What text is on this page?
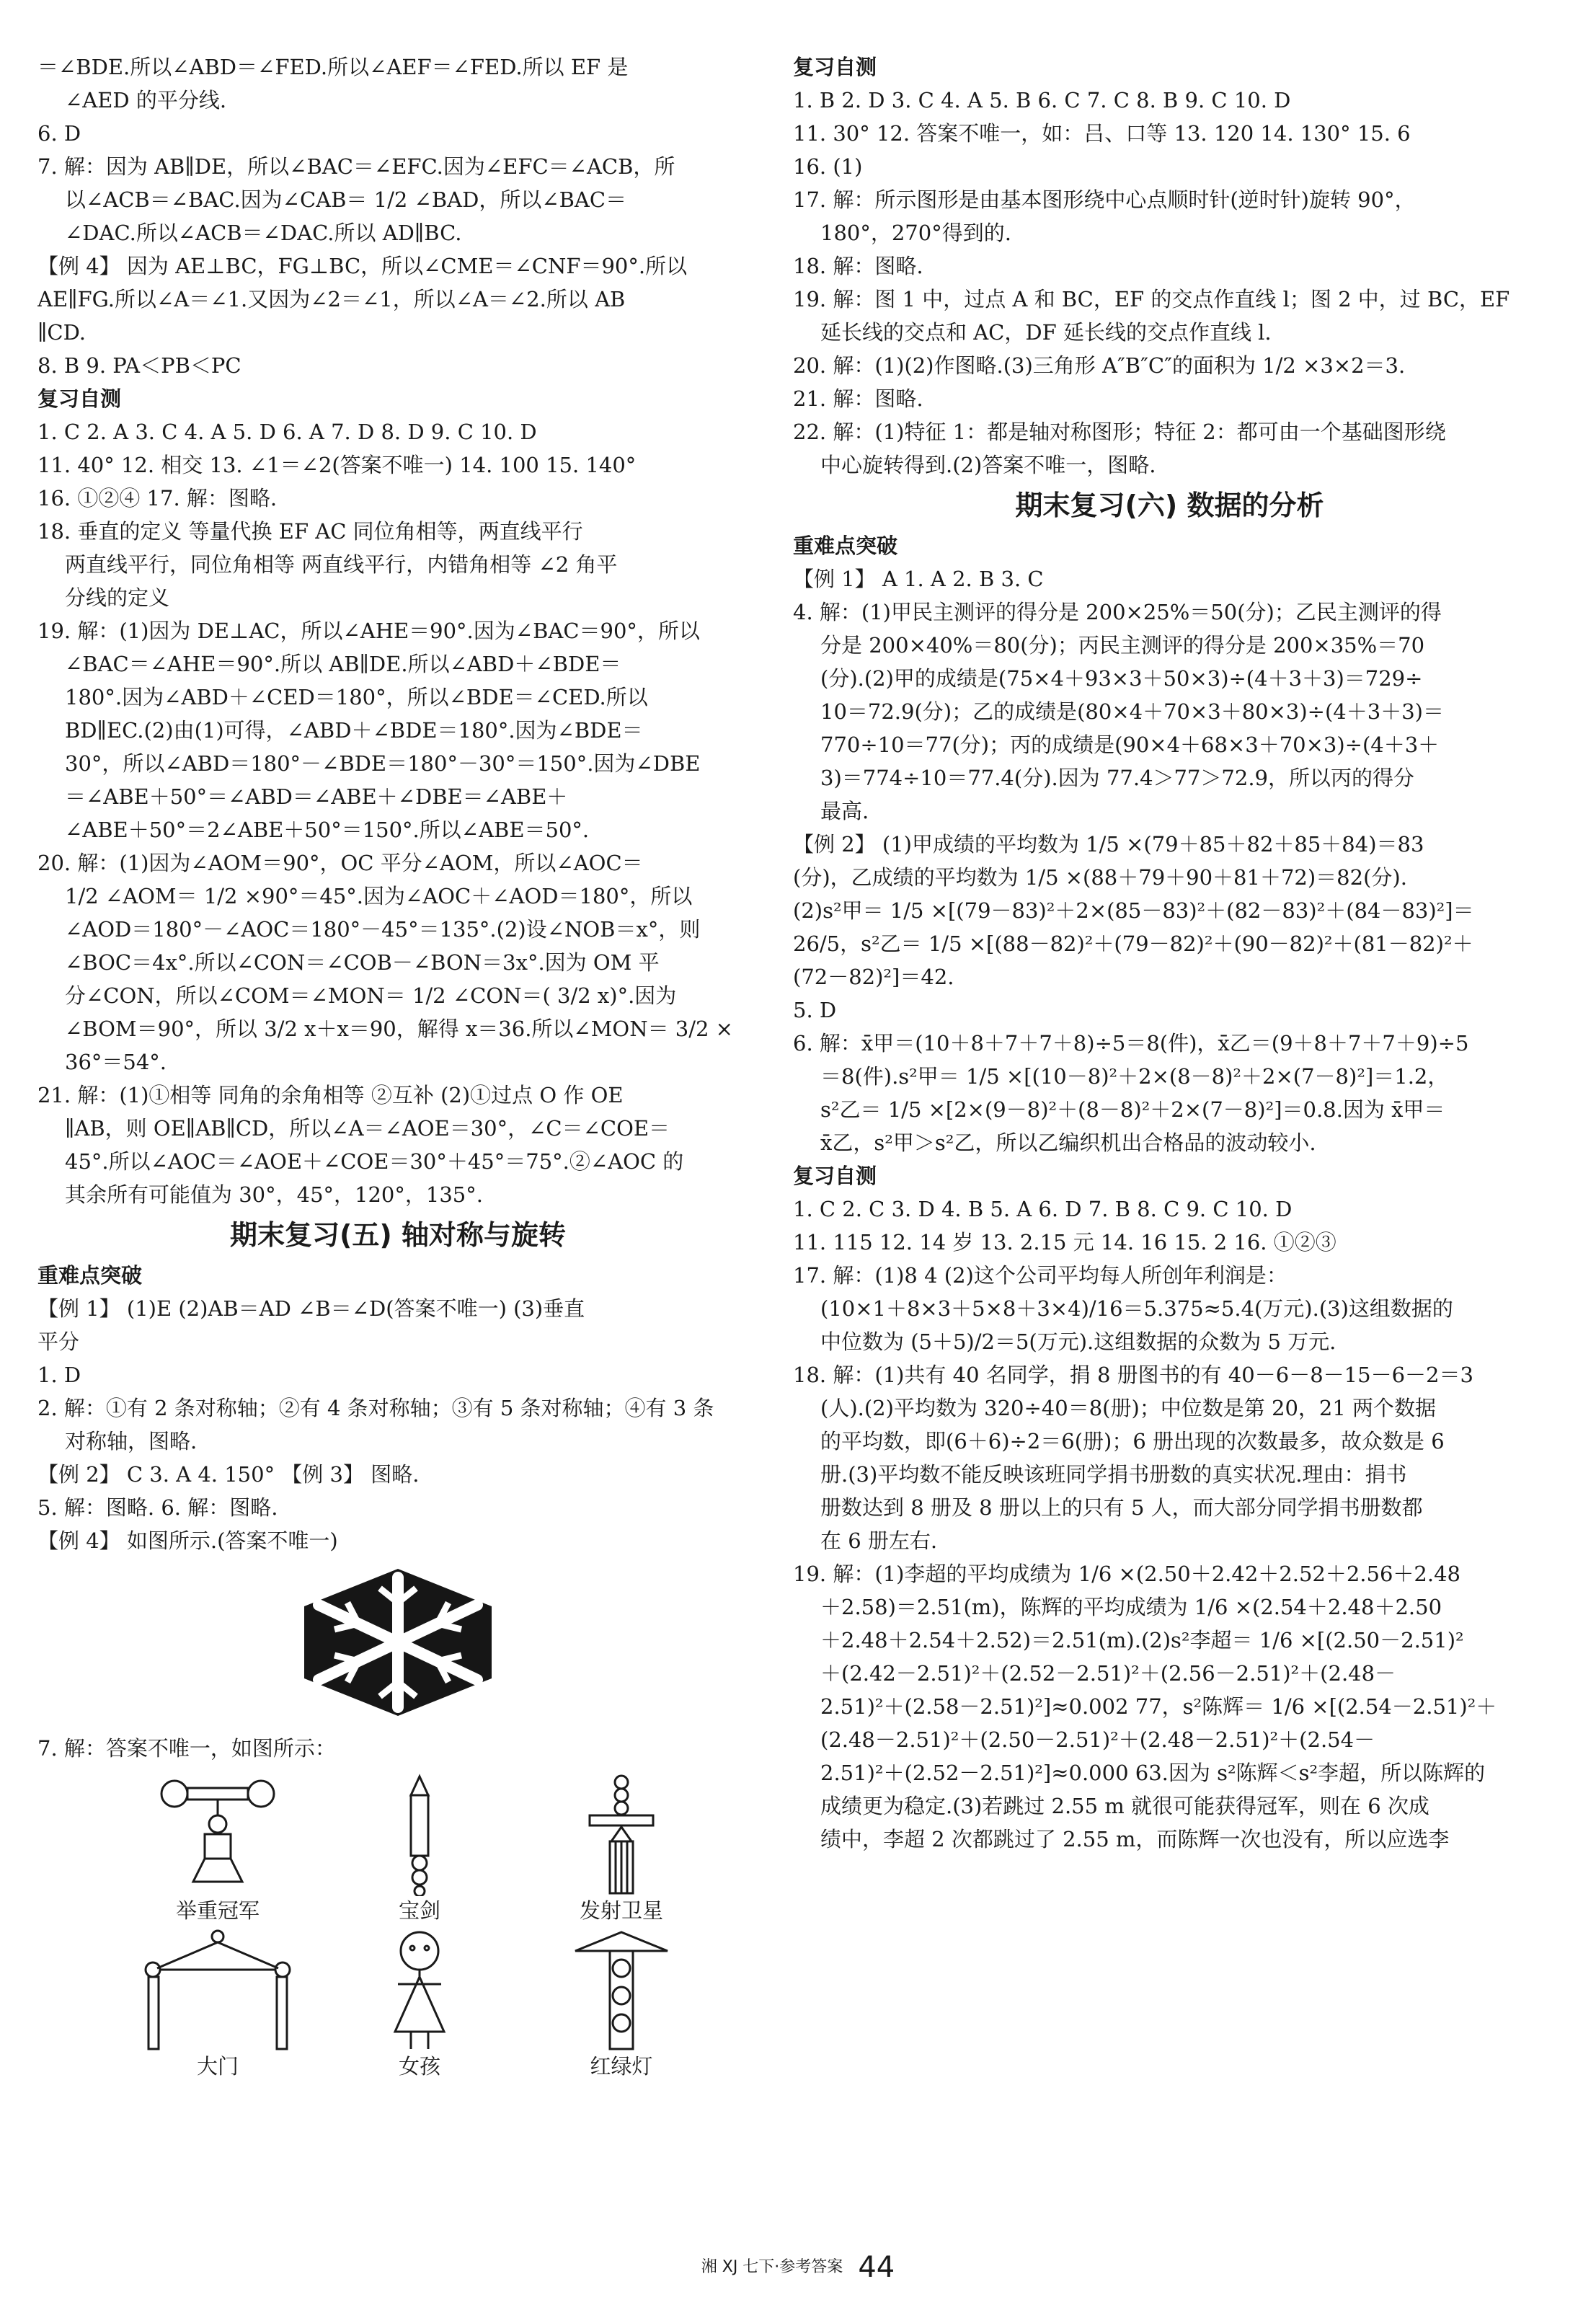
＝∠BDE.所以∠ABD＝∠FED.所以∠AEF＝∠FED.所以 EF 是
∠AED 的平分线.
6. D
7. 解：因为 AB∥DE，所以∠BAC＝∠EFC.因为∠EFC＝∠ACB，所
以∠ACB＝∠BAC.因为∠CAB＝ 1/2 ∠BAD，所以∠BAC＝
∠DAC.所以∠ACB＝∠DAC.所以 AD∥BC.
【例 4】 因为 AE⊥BC，FG⊥BC，所以∠CME＝∠CNF＝90°.所以
AE∥FG.所以∠A＝∠1.又因为∠2＝∠1，所以∠A＝∠2.所以 AB
∥CD.
8. B 9. PA＜PB＜PC
复习自测
1. C 2. A 3. C 4. A 5. D 6. A 7. D 8. D 9. C 10. D
11. 40° 12. 相交 13. ∠1＝∠2(答案不唯一) 14. 100 15. 140°
16. ①②④ 17. 解：图略.
18. 垂直的定义 等量代换 EF AC 同位角相等，两直线平行
两直线平行，同位角相等 两直线平行，内错角相等 ∠2 角平
分线的定义
19. 解：(1)因为 DE⊥AC，所以∠AHE＝90°.因为∠BAC＝90°，所以
∠BAC＝∠AHE＝90°.所以 AB∥DE.所以∠ABD＋∠BDE＝
180°.因为∠ABD＋∠CED＝180°，所以∠BDE＝∠CED.所以
BD∥EC.(2)由(1)可得，∠ABD＋∠BDE＝180°.因为∠BDE＝
30°，所以∠ABD＝180°－∠BDE＝180°－30°＝150°.因为∠DBE
＝∠ABE＋50°＝∠ABD＝∠ABE＋∠DBE＝∠ABE＋
∠ABE＋50°＝2∠ABE＋50°＝150°.所以∠ABE＝50°.
20. 解：(1)因为∠AOM＝90°，OC 平分∠AOM，所以∠AOC＝
1/2 ∠AOM＝ 1/2 ×90°＝45°.因为∠AOC＋∠AOD＝180°，所以
∠AOD＝180°－∠AOC＝180°－45°＝135°.(2)设∠NOB＝x°，则
∠BOC＝4x°.所以∠CON＝∠COB－∠BON＝3x°.因为 OM 平
分∠CON，所以∠COM＝∠MON＝ 1/2 ∠CON＝( 3/2 x)°.因为
∠BOM＝90°，所以 3/2 x＋x＝90，解得 x＝36.所以∠MON＝ 3/2 ×
36°＝54°.
21. 解：(1)①相等 同角的余角相等 ②互补 (2)①过点 O 作 OE
∥AB，则 OE∥AB∥CD，所以∠A＝∠AOE＝30°，∠C＝∠COE＝
45°.所以∠AOC＝∠AOE＋∠COE＝30°＋45°＝75°.②∠AOC 的
其余所有可能值为 30°，45°，120°，135°.
期末复习(五) 轴对称与旋转
重难点突破
【例 1】 (1)E (2)AB＝AD ∠B＝∠D(答案不唯一) (3)垂直
平分
1. D
2. 解：①有 2 条对称轴；②有 4 条对称轴；③有 5 条对称轴；④有 3 条
对称轴，图略.
【例 2】 C 3. A 4. 150° 【例 3】 图略.
5. 解：图略. 6. 解：图略.
【例 4】 如图所示.(答案不唯一)
7. 解：答案不唯一，如图所示：
举重冠军	宝剑	发射卫星
大门	女孩	红绿灯
复习自测
1. B 2. D 3. C 4. A 5. B 6. C 7. C 8. B 9. C 10. D
11. 30° 12. 答案不唯一，如：吕、口等 13. 120 14. 130° 15. 6
16. (1)
17. 解：所示图形是由基本图形绕中心点顺时针(逆时针)旋转 90°，
180°，270°得到的.
18. 解：图略.
19. 解：图 1 中，过点 A 和 BC，EF 的交点作直线 l；图 2 中，过 BC，EF
延长线的交点和 AC，DF 延长线的交点作直线 l.
20. 解：(1)(2)作图略.(3)三角形 A″B″C″的面积为 1/2 ×3×2＝3.
21. 解：图略.
22. 解：(1)特征 1：都是轴对称图形；特征 2：都可由一个基础图形绕
中心旋转得到.(2)答案不唯一，图略.
期末复习(六) 数据的分析
重难点突破
【例 1】 A 1. A 2. B 3. C
4. 解：(1)甲民主测评的得分是 200×25%＝50(分)；乙民主测评的得
分是 200×40%＝80(分)；丙民主测评的得分是 200×35%＝70
(分).(2)甲的成绩是(75×4＋93×3＋50×3)÷(4＋3＋3)＝729÷
10＝72.9(分)；乙的成绩是(80×4＋70×3＋80×3)÷(4＋3＋3)＝
770÷10＝77(分)；丙的成绩是(90×4＋68×3＋70×3)÷(4＋3＋
3)＝774÷10＝77.4(分).因为 77.4＞77＞72.9，所以丙的得分
最高.
【例 2】 (1)甲成绩的平均数为 1/5 ×(79＋85＋82＋85＋84)＝83
(分)，乙成绩的平均数为 1/5 ×(88＋79＋90＋81＋72)＝82(分).
(2)s²甲＝ 1/5 ×[(79－83)²＋2×(85－83)²＋(82－83)²＋(84－83)²]＝
26/5，s²乙＝ 1/5 ×[(88－82)²＋(79－82)²＋(90－82)²＋(81－82)²＋
(72－82)²]＝42.
5. D
6. 解：x̄甲＝(10＋8＋7＋7＋8)÷5＝8(件)，x̄乙＝(9＋8＋7＋7＋9)÷5
＝8(件).s²甲＝ 1/5 ×[(10－8)²＋2×(8－8)²＋2×(7－8)²]＝1.2，
s²乙＝ 1/5 ×[2×(9－8)²＋(8－8)²＋2×(7－8)²]＝0.8.因为 x̄甲＝
x̄乙，s²甲＞s²乙，所以乙编织机出合格品的波动较小.
复习自测
1. C 2. C 3. D 4. B 5. A 6. D 7. B 8. C 9. C 10. D
11. 115 12. 14 岁 13. 2.15 元 14. 16 15. 2 16. ①②③
17. 解：(1)8 4 (2)这个公司平均每人所创年利润是：
(10×1＋8×3＋5×8＋3×4)/16＝5.375≈5.4(万元).(3)这组数据的
中位数为 (5＋5)/2＝5(万元).这组数据的众数为 5 万元.
18. 解：(1)共有 40 名同学，捐 8 册图书的有 40－6－8－15－6－2＝3
(人).(2)平均数为 320÷40＝8(册)；中位数是第 20，21 两个数据
的平均数，即(6＋6)÷2＝6(册)；6 册出现的次数最多，故众数是 6
册.(3)平均数不能反映该班同学捐书册数的真实状况.理由：捐书
册数达到 8 册及 8 册以上的只有 5 人，而大部分同学捐书册数都
在 6 册左右.
19. 解：(1)李超的平均成绩为 1/6 ×(2.50＋2.42＋2.52＋2.56＋2.48
＋2.58)＝2.51(m)，陈辉的平均成绩为 1/6 ×(2.54＋2.48＋2.50
＋2.48＋2.54＋2.52)＝2.51(m).(2)s²李超＝ 1/6 ×[(2.50－2.51)²
＋(2.42－2.51)²＋(2.52－2.51)²＋(2.56－2.51)²＋(2.48－
2.51)²＋(2.58－2.51)²]≈0.002 77，s²陈辉＝ 1/6 ×[(2.54－2.51)²＋
(2.48－2.51)²＋(2.50－2.51)²＋(2.48－2.51)²＋(2.54－
2.51)²＋(2.52－2.51)²]≈0.000 63.因为 s²陈辉＜s²李超，所以陈辉的
成绩更为稳定.(3)若跳过 2.55 m 就很可能获得冠军，则在 6 次成
绩中，李超 2 次都跳过了 2.55 m，而陈辉一次也没有，所以应选李
湘 XJ 七下·参考答案 44
